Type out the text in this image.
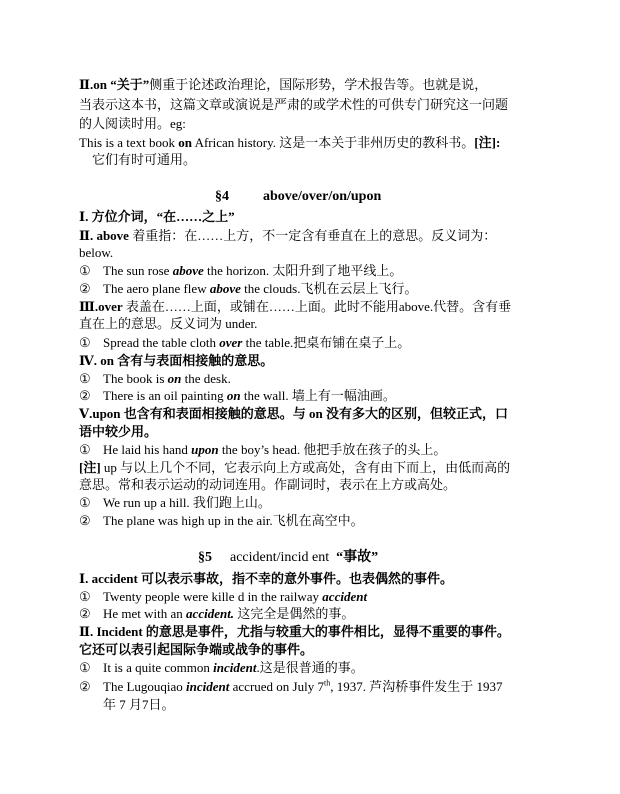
Ⅱ.on “关于”侧重于论述政治理论，国际形势，学术报告等。也就是说，
当表示这本书，这篇文章或演说是严肃的或学术性的可供专门研究这一问题
的人阅读时用。eg:
This is a text book on African history. 这是一本关于非州历史的教科书。[注]:
它们有时可通用。
§4 above/over/on/upon
Ⅰ. 方位介词，“在……之上”
Ⅱ. above 着重指：在……上方，不一定含有垂直在上的意思。反义词为：
below.
① The sun rose above the horizon. 太阳升到了地平线上。
② The aero plane flew above the clouds.飞机在云层上飞行。
Ⅲ.over 表盖在……上面，或铺在……上面。此时不能用above.代替。含有垂
直在上的意思。反义词为 under.
① Spread the table cloth over the table.把桌布铺在桌子上。
Ⅳ. on 含有与表面相接触的意思。
① The book is on the desk.
② There is an oil painting on the wall. 墙上有一幅油画。
Ⅴ.upon 也含有和表面相接触的意思。与 on 没有多大的区别，但较正式，口
语中较少用。
① He laid his hand upon the boy’s head. 他把手放在孩子的头上。
[注] up 与以上几个不同，它表示向上方或高处，含有由下而上，由低而高的
意思。常和表示运动的动词连用。作副词时，表示在上方或高处。
① We run up a hill. 我们跑上山。
② The plane was high up in the air.飞机在高空中。
§5 accident/incid ent “事故”
Ⅰ. accident 可以表示事故，指不幸的意外事件。也表偶然的事件。
① Twenty people were kille d in the railway accident
② He met with an accident. 这完全是偶然的事。
Ⅱ. Incident 的意思是事件，尤指与较重大的事件相比，显得不重要的事件。
它还可以表引起国际争端或战争的事件。
① It is a quite common incident.这是很普通的事。
② The Lugouqiao incident accrued on July 7th, 1937. 芦沟桥事件发生于 1937
年 7 月7日。
